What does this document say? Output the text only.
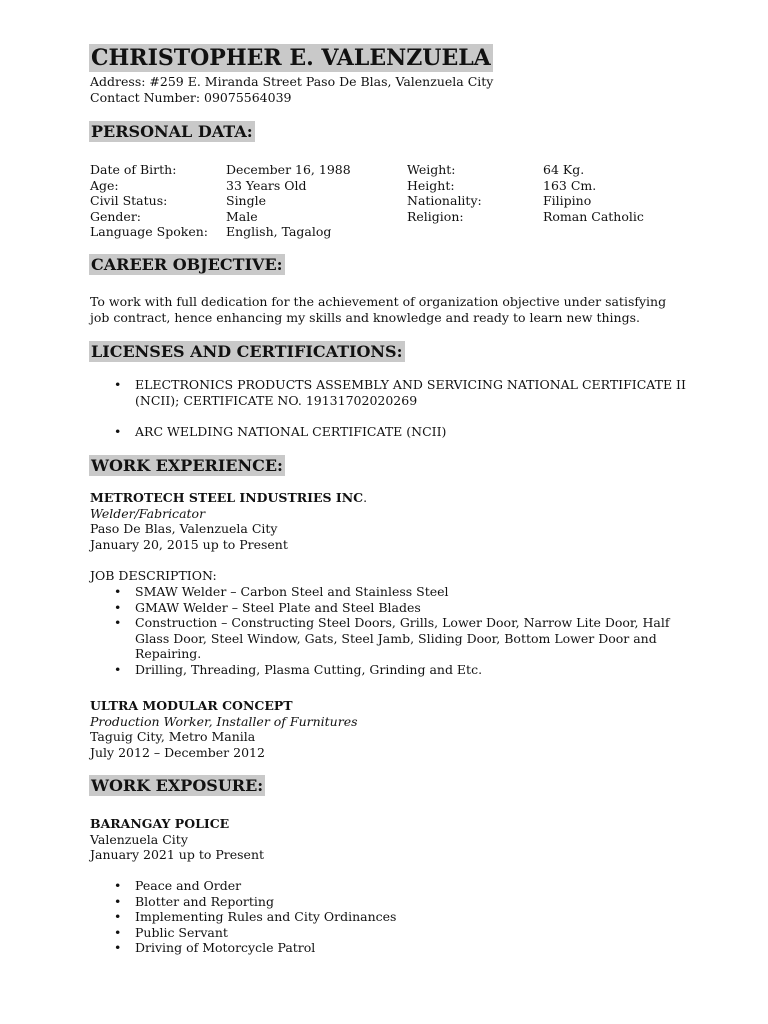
CHRISTOPHER E. VALENZUELA
Address: #259 E. Miranda Street Paso De Blas, Valenzuela City
Contact Number: 09075564039
PERSONAL DATA:
Date of Birth:	December 16, 1988	Weight:	64 Kg.
Age:	33 Years Old	Height:	163 Cm.
Civil Status:	Single	Nationality:	Filipino
Gender:	Male	Religion:	Roman Catholic
Language Spoken:	English, Tagalog
CAREER OBJECTIVE:
To work with full dedication for the achievement of organization objective under satisfying job contract, hence enhancing my skills and knowledge and ready to learn new things.
LICENSES AND CERTIFICATIONS:
• ELECTRONICS PRODUCTS ASSEMBLY AND SERVICING NATIONAL CERTIFICATE II (NCII); CERTIFICATE NO. 19131702020269
• ARC WELDING NATIONAL CERTIFICATE (NCII)
WORK EXPERIENCE:
METROTECH STEEL INDUSTRIES INC.
Welder/Fabricator
Paso De Blas, Valenzuela City
January 20, 2015 up to Present
JOB DESCRIPTION:
• SMAW Welder – Carbon Steel and Stainless Steel
• GMAW Welder – Steel Plate and Steel Blades
• Construction – Constructing Steel Doors, Grills, Lower Door, Narrow Lite Door, Half Glass Door, Steel Window, Gats, Steel Jamb, Sliding Door, Bottom Lower Door and Repairing.
• Drilling, Threading, Plasma Cutting, Grinding and Etc.
ULTRA MODULAR CONCEPT
Production Worker, Installer of Furnitures
Taguig City, Metro Manila
July 2012 – December 2012
WORK EXPOSURE:
BARANGAY POLICE
Valenzuela City
January 2021 up to Present
• Peace and Order
• Blotter and Reporting
• Implementing Rules and City Ordinances
• Public Servant
• Driving of Motorcycle Patrol
